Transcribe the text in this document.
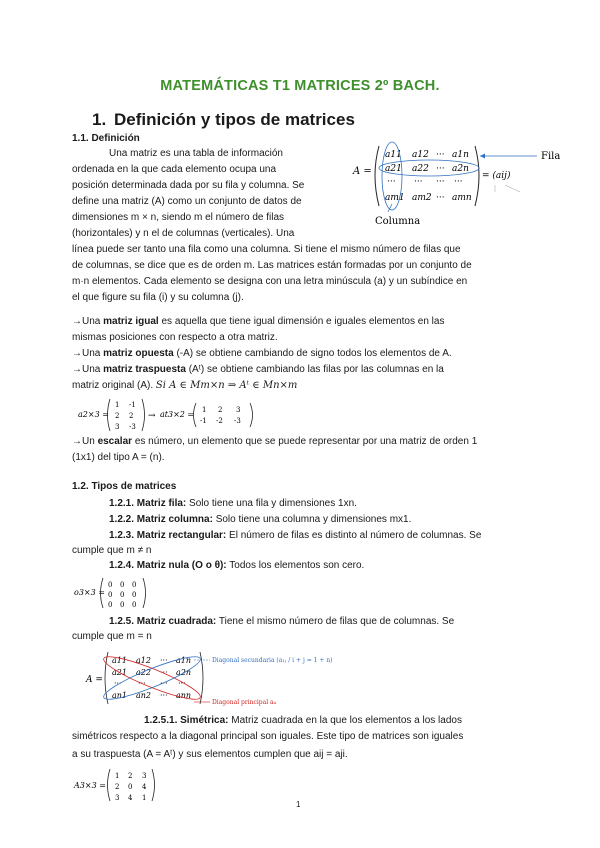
MATEMÁTICAS T1 MATRICES 2º BACH.
1. Definición y tipos de matrices
1.1. Definición
Una matriz es una tabla de información
ordenada en la que cada elemento ocupa una
posición determinada dada por su fila y columna. Se
define una matriz (A) como un conjunto de datos de
dimensiones m × n, siendo m el número de filas
(horizontales) y n el de columnas (verticales). Una
línea puede ser tanto una fila como una columna. Si tiene el mismo número de filas que
de columnas, se dice que es de orden m. Las matrices están formadas por un conjunto de
m·n elementos. Cada elemento se designa con una letra minúscula (a) y un subíndice en
el que figure su fila (i) y su columna (j).
A =
a11 a12 ··· a1n
a21 a22 ··· a2n
··· ··· ··· ···
am1 am2 ··· amn
= (aij)
Fila
Columna
→Una matriz igual es aquella que tiene igual dimensión e iguales elementos en las
mismas posiciones con respecto a otra matriz.
→Una matriz opuesta (-A) se obtiene cambiando de signo todos los elementos de A.
→Una matriz traspuesta (Aᵗ) se obtiene cambiando las filas por las columnas en la
matriz original (A). Si A ∈ Mm×n ⇒ Aᵗ ∈ Mn×m
a2×3 =
1 -1
2 2
3 -3
→ at3×2 = 1 2 3
-1 -2 -3
→Un escalar es número, un elemento que se puede representar por una matriz de orden 1
(1x1) del tipo A = (n).
1.2. Tipos de matrices
1.2.1. Matriz fila: Solo tiene una fila y dimensiones 1xn.
1.2.2. Matriz columna: Solo tiene una columna y dimensiones mx1.
1.2.3. Matriz rectangular: El número de filas es distinto al número de columnas. Se
cumple que m ≠ n
1.2.4. Matriz nula (O o θ): Todos los elementos son cero.
o3×3 =
0 0 0
0 0 0
0 0 0
1.2.5. Matriz cuadrada: Tiene el mismo número de filas que de columnas. Se
cumple que m = n
A =
a11 a12 ··· a1n
a21 a22 ··· a2n
··· ··· ··· ···
an1 an2 ··· ann
Diagonal secundaria (a₁ⱼ / i + j = 1 + n)
Diagonal principal aᵢᵢ
1.2.5.1. Simétrica: Matriz cuadrada en la que los elementos a los lados
simétricos respecto a la diagonal principal son iguales. Este tipo de matrices son iguales
a su traspuesta (A = Aᵗ) y sus elementos cumplen que aij = aji.
A3×3 =
1 2 3
2 0 4
3 4 1
1
